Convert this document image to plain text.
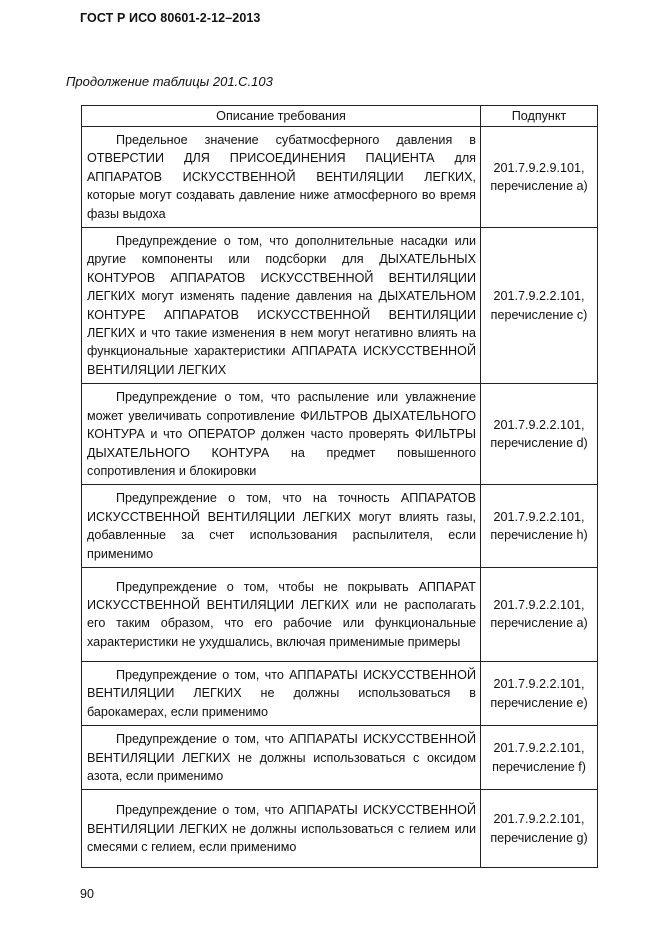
ГОСТ Р ИСО 80601-2-12–2013
Продолжение таблицы 201.С.103
Описание требования	Подпункт
Предельное значение субатмосферного давления в ОТВЕРСТИИ ДЛЯ ПРИСОЕДИНЕНИЯ ПАЦИЕНТА для АППАРАТОВ ИСКУССТВЕННОЙ ВЕНТИЛЯЦИИ ЛЕГКИХ, которые могут создавать давление ниже атмосферного во время фазы выдоха	201.7.9.2.9.101,
перечисление a)

Предупреждение о том, что дополнительные насадки или другие компоненты или подсборки для ДЫХАТЕЛЬНЫХ КОНТУРОВ АППАРАТОВ ИСКУССТВЕННОЙ ВЕНТИЛЯЦИИ ЛЕГКИХ могут изменять падение давления на ДЫХАТЕЛЬНОМ КОНТУРЕ АППАРАТОВ ИСКУССТВЕННОЙ ВЕНТИЛЯЦИИ ЛЕГКИХ и что такие изменения в нем могут негативно влиять на функциональные характеристики АППАРАТА ИСКУССТВЕННОЙ ВЕНТИЛЯЦИИ ЛЕГКИХ	201.7.9.2.2.101,
перечисление c)

Предупреждение о том, что распыление или увлажнение может увеличивать сопротивление ФИЛЬТРОВ ДЫХАТЕЛЬНОГО КОНТУРА и что ОПЕРАТОР должен часто проверять ФИЛЬТРЫ ДЫХАТЕЛЬНОГО КОНТУРА на предмет повышенного сопротивления и блокировки	201.7.9.2.2.101,
перечисление d)

Предупреждение о том, что на точность АППАРАТОВ ИСКУССТВЕННОЙ ВЕНТИЛЯЦИИ ЛЕГКИХ могут влиять газы, добавленные за счет использования распылителя, если применимо	201.7.9.2.2.101,
перечисление h)

Предупреждение о том, чтобы не покрывать АППАРАТ ИСКУССТВЕННОЙ ВЕНТИЛЯЦИИ ЛЕГКИХ или не располагать его таким образом, что его рабочие или функциональные характеристики не ухудшались, включая применимые примеры	201.7.9.2.2.101,
перечисление a)

Предупреждение о том, что АППАРАТЫ ИСКУССТВЕННОЙ ВЕНТИЛЯЦИИ ЛЕГКИХ не должны использоваться в барокамерах, если применимо	201.7.9.2.2.101,
перечисление e)

Предупреждение о том, что АППАРАТЫ ИСКУССТВЕННОЙ ВЕНТИЛЯЦИИ ЛЕГКИХ не должны использоваться с оксидом азота, если применимо	201.7.9.2.2.101,
перечисление f)

Предупреждение о том, что АППАРАТЫ ИСКУССТВЕННОЙ ВЕНТИЛЯЦИИ ЛЕГКИХ не должны использоваться с гелием или смесями с гелием, если применимо	201.7.9.2.2.101,
перечисление g)
90
